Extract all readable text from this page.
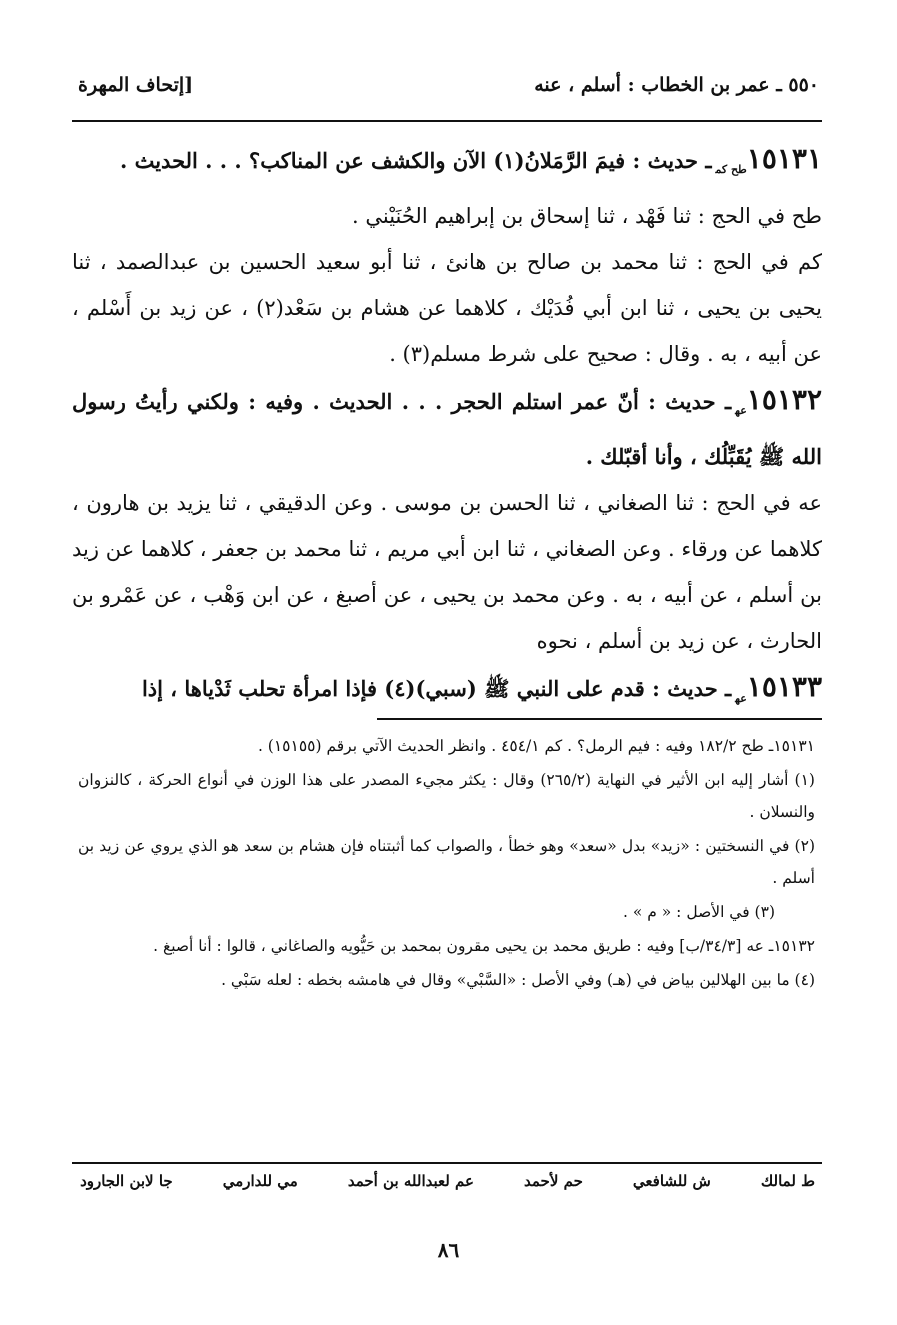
٥٥٠ ـ عمر بن الخطاب : أسلم ، عنه
[إتحاف المهرة

$١٥١٣١_{طح كم}ـ$ حديث : فيمَ الرَّمَلانُ(١) الآن والكشف عن المناكب؟ . . . الحديث .

طح في الحج : ثنا فَهْد ، ثنا إسحاق بن إبراهيم الحُنَيْني .

كم في الحج : ثنا محمد بن صالح بن هانئ ، ثنا أبو سعيد الحسين بن عبدالصمد ، ثنا يحيى بن يحيى ، ثنا ابن أبي فُدَيْك ، كلاهما عن هشام بن سَعْد(٢) ، عن زيد بن أَسْلم ، عن أبيه ، به . وقال : صحيح على شرط مسلم(٣) .

$١٥١٣٢_{عه}ـ$ حديث : أنّ عمر استلم الحجر . . . الحديث . وفيه : ولكني رأيتُ رسول الله ﷺ يُقَبِّلُك ، وأنا أقبّلك .

عه في الحج : ثنا الصغاني ، ثنا الحسن بن موسى . وعن الدقيقي ، ثنا يزيد بن هارون ، كلاهما عن ورقاء . وعن الصغاني ، ثنا ابن أبي مريم ، ثنا محمد بن جعفر ، كلاهما عن زيد بن أسلم ، عن أبيه ، به . وعن محمد بن يحيى ، عن أصبغ ، عن ابن وَهْب ، عن عَمْرو بن الحارث ، عن زيد بن أسلم ، نحوه

$١٥١٣٣_{عه}ـ$ حديث : قدم على النبي ﷺ (سبي)(٤) فإذا امرأة تحلب ثَدْياها ، إذا

١٥١٣١ـ طح ١٨٢/٢ وفيه : فيم الرمل؟ . كم ٤٥٤/١ . وانظر الحديث الآتي برقم (١٥١٥٥) .

(١) أشار إليه ابن الأثير في النهاية (٢٦٥/٢) وقال : يكثر مجيء المصدر على هذا الوزن في أنواع الحركة ، كالنزوان والنسلان .

(٢) في النسختين : «زيد» بدل «سعد» وهو خطأ ، والصواب كما أثبتناه فإن هشام بن سعد هو الذي يروي عن زيد بن أسلم .

(٣) في الأصل : « م » .

١٥١٣٢ـ عه [٣٤/٣/ب] وفيه : طريق محمد بن يحيى مقرون بمحمد بن حَيُّويه والصاغاني ، قالوا : أنا أصبغ .

(٤) ما بين الهلالين بياض في (هـ) وفي الأصل : «السَّبْي» وقال في هامشه بخطه : لعله سَبْي .

ط لمالك
ش للشافعي
حم لأحمد
عم لعبدالله بن أحمد
مي للدارمي
جا لابن الجارود
٨٦
